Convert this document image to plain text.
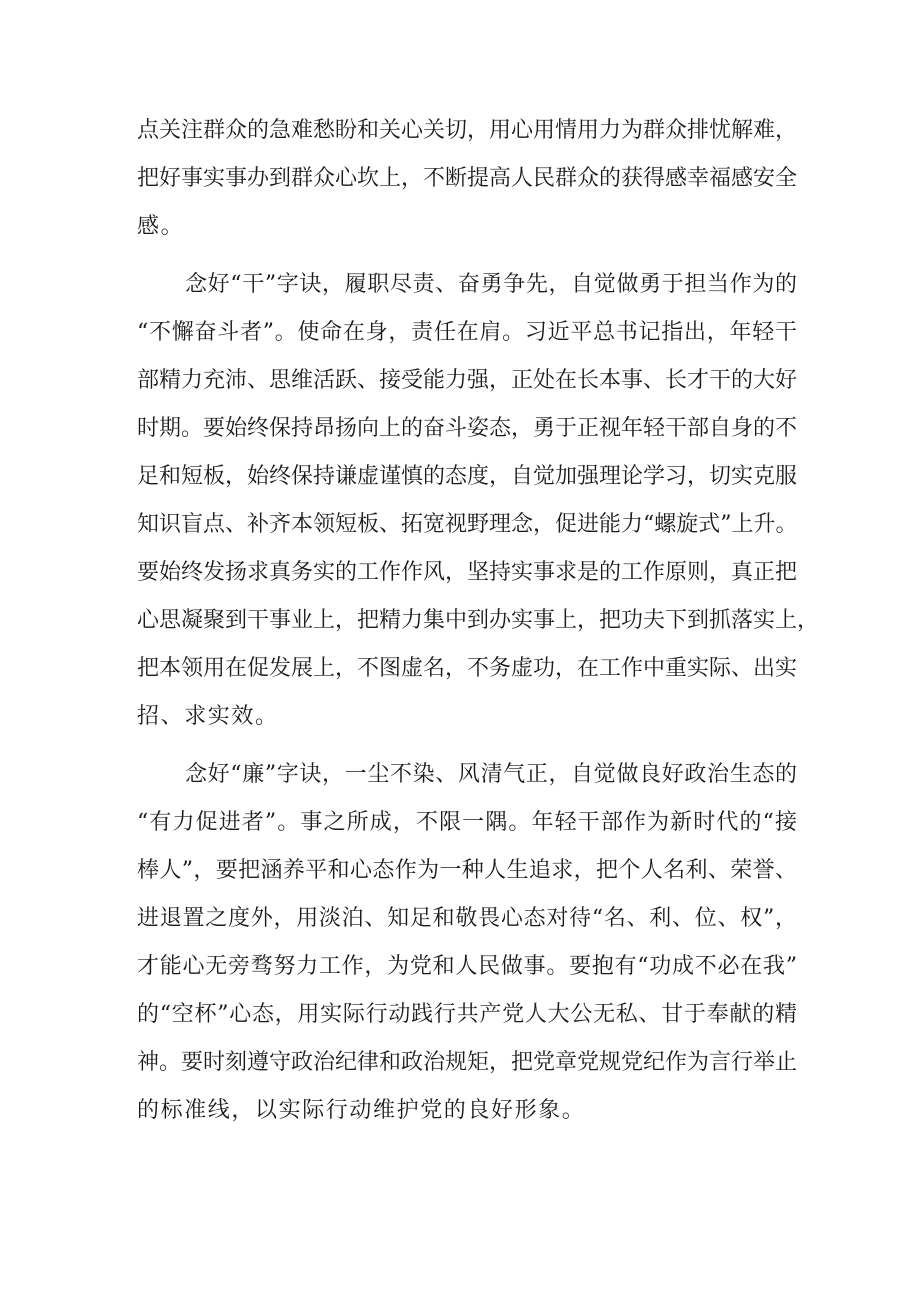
点关注群众的急难愁盼和关心关切，用心用情用力为群众排忧解难，
把好事实事办到群众心坎上，不断提高人民群众的获得感幸福感安全
感。
念好“干”字诀，履职尽责、奋勇争先，自觉做勇于担当作为的
“不懈奋斗者”。使命在身，责任在肩。习近平总书记指出，年轻干
部精力充沛、思维活跃、接受能力强，正处在长本事、长才干的大好
时期。要始终保持昂扬向上的奋斗姿态，勇于正视年轻干部自身的不
足和短板，始终保持谦虚谨慎的态度，自觉加强理论学习，切实克服
知识盲点、补齐本领短板、拓宽视野理念，促进能力“螺旋式”上升。
要始终发扬求真务实的工作作风，坚持实事求是的工作原则，真正把
心思凝聚到干事业上，把精力集中到办实事上，把功夫下到抓落实上，
把本领用在促发展上，不图虚名，不务虚功，在工作中重实际、出实
招、求实效。
念好“廉”字诀，一尘不染、风清气正，自觉做良好政治生态的
“有力促进者”。事之所成，不限一隅。年轻干部作为新时代的“接
棒人”，要把涵养平和心态作为一种人生追求，把个人名利、荣誉、
进退置之度外，用淡泊、知足和敬畏心态对待“名、利、位、权”，
才能心无旁骛努力工作，为党和人民做事。要抱有“功成不必在我”
的“空杯”心态，用实际行动践行共产党人大公无私、甘于奉献的精
神。要时刻遵守政治纪律和政治规矩，把党章党规党纪作为言行举止
的标准线，以实际行动维护党的良好形象。
